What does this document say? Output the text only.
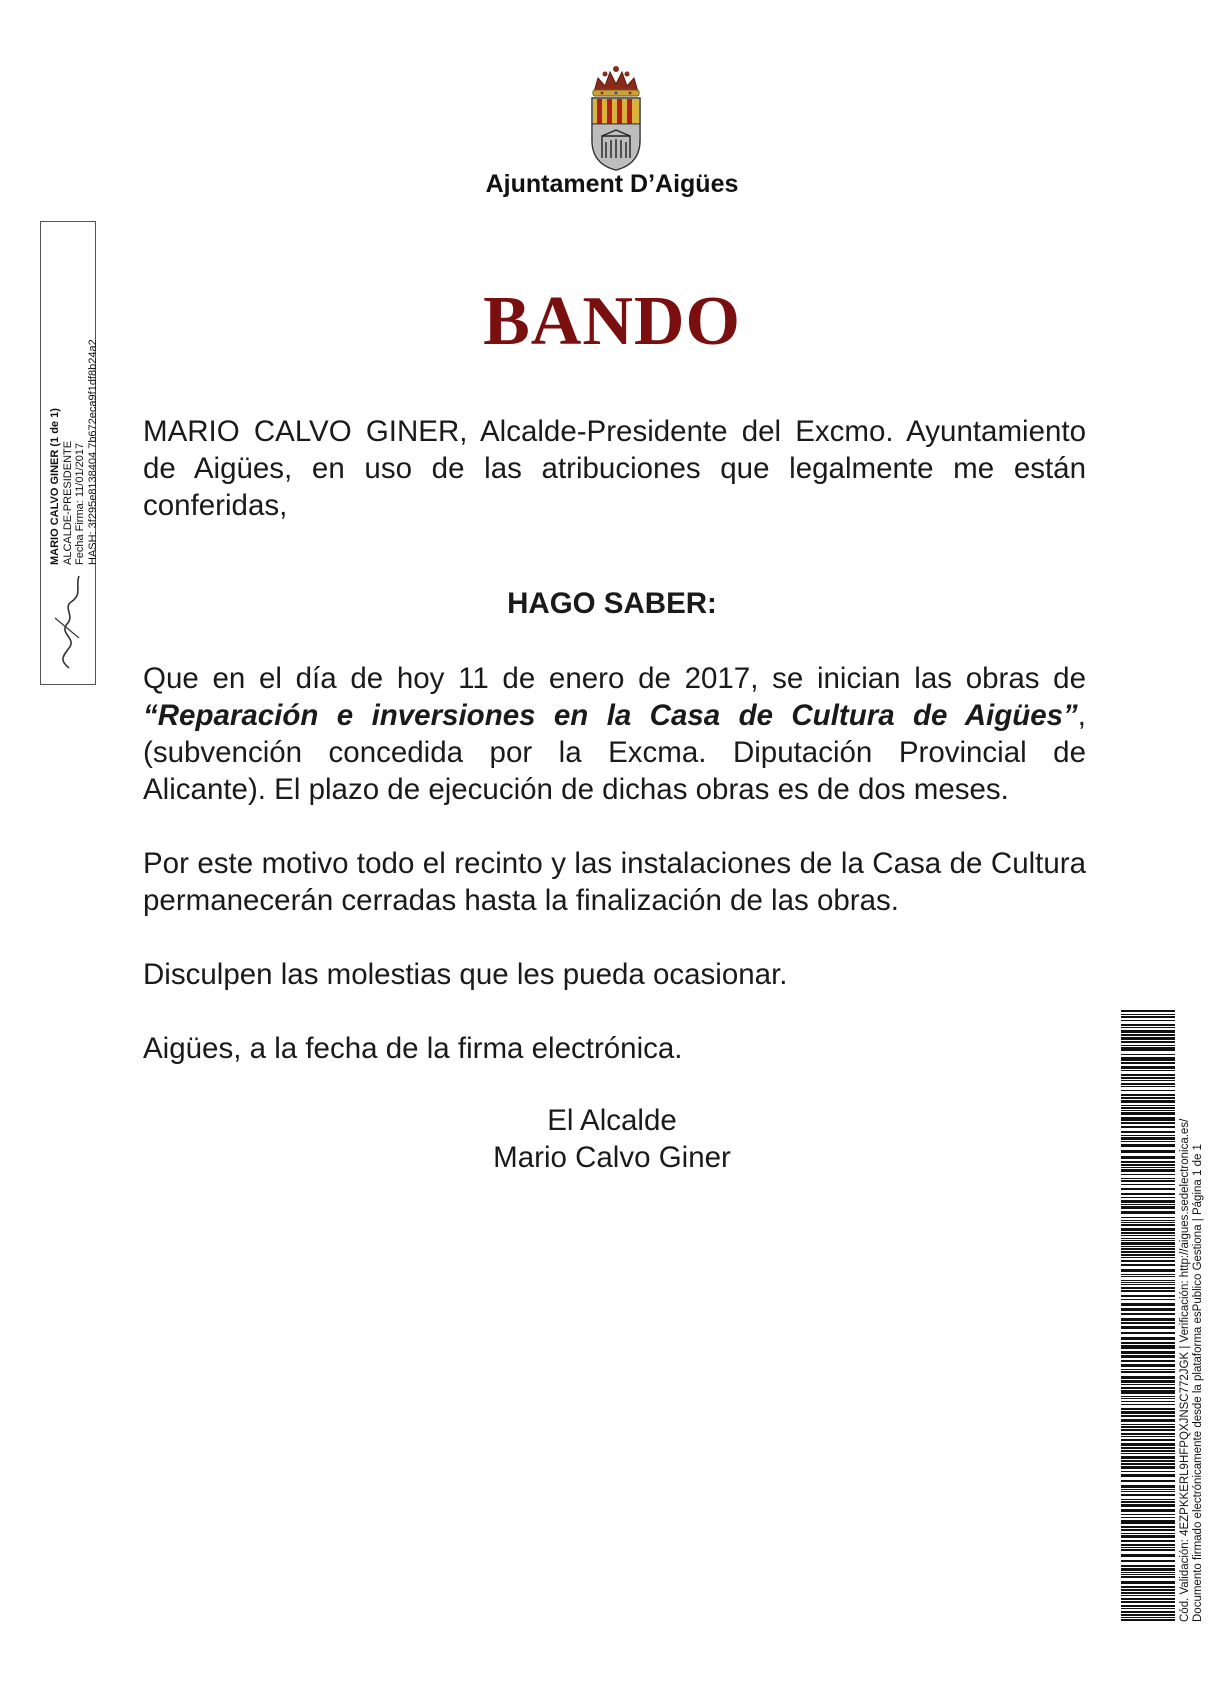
Ajuntament D’Aigües
MARIO CALVO GINER (1 de 1) ALCALDE-PRESIDENTE Fecha Firma: 11/01/2017 HASH: 3f295e8138404 7b672eca9f1df8b24a2
BANDO
MARIO CALVO GINER, Alcalde-Presidente del Excmo. Ayuntamiento de Aigües, en uso de las atribuciones que legalmente me están conferidas,
HAGO SABER:
Que en el día de hoy 11 de enero de 2017, se inician las obras de “Reparación e inversiones en la Casa de Cultura de Aigües”, (subvención concedida por la Excma. Diputación Provincial de Alicante). El plazo de ejecución de dichas obras es de dos meses.
Por este motivo todo el recinto y las instalaciones de la Casa de Cultura permanecerán cerradas hasta la finalización de las obras.
Disculpen las molestias que les pueda ocasionar.
Aigües, a la fecha de la firma electrónica.
El Alcalde
Mario Calvo Giner	Cód. Validación: 4EZPKKERL9HFPQXJNSC772JGK | Verificación: http://aigues.sedelectronica.es/ Documento firmado electrónicamente desde la plataforma esPublico Gestiona | Página 1 de 1
